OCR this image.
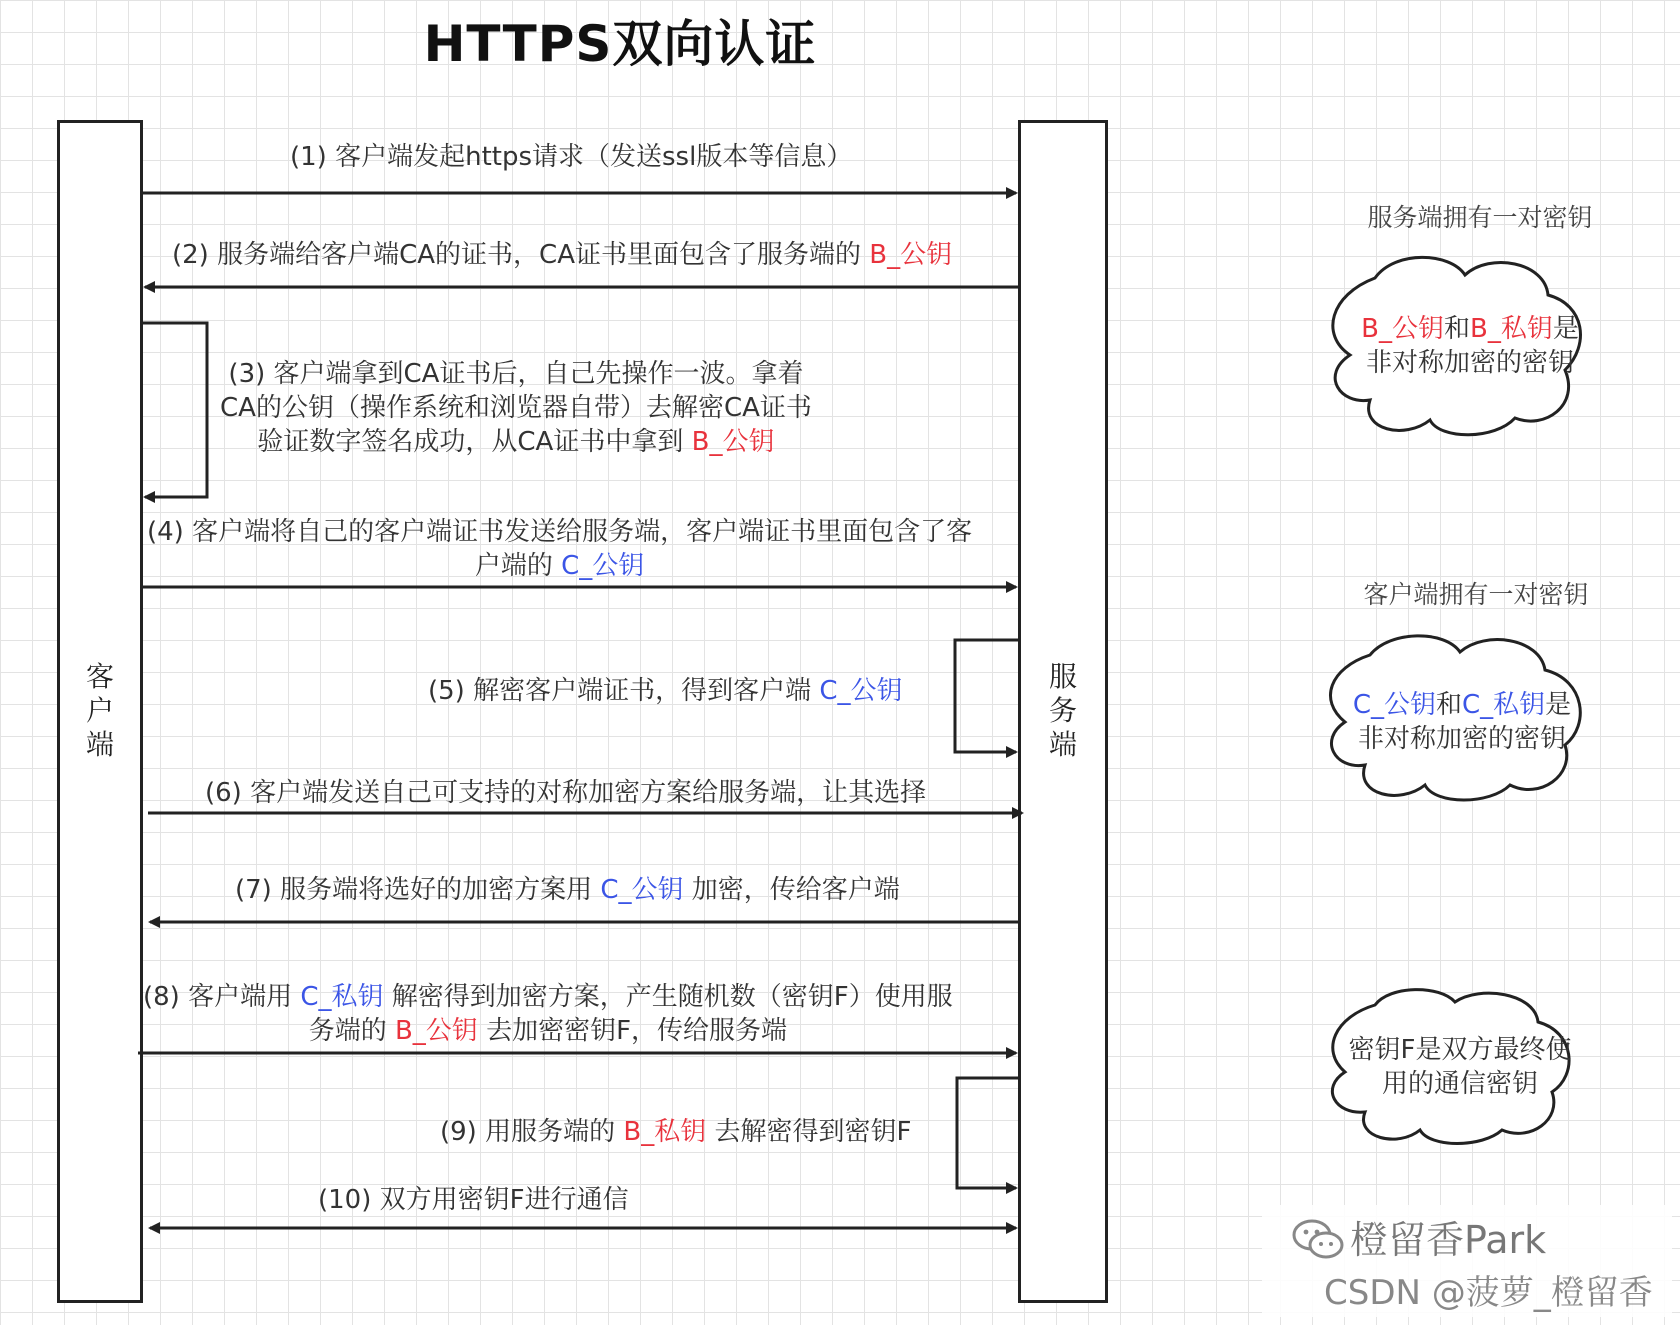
HTTPS双向认证
客
户
端
服
务
端
(1) 客户端发起https请求（发送ssl版本等信息）
(2) 服务端给客户端CA的证书，CA证书里面包含了服务端的 B_公钥
(3) 客户端拿到CA证书后，自己先操作一波。拿着
CA的公钥（操作系统和浏览器自带）去解密CA证书
验证数字签名成功，从CA证书中拿到 B_公钥
(4) 客户端将自己的客户端证书发送给服务端，客户端证书里面包含了客
户端的 C_公钥
(5) 解密客户端证书，得到客户端 C_公钥
(6) 客户端发送自己可支持的对称加密方案给服务端，让其选择
(7) 服务端将选好的加密方案用 C_公钥 加密，传给客户端
(8) 客户端用 C_私钥 解密得到加密方案，产生随机数（密钥F）使用服
务端的 B_公钥 去加密密钥F，传给服务端
(9) 用服务端的 B_私钥 去解密得到密钥F
(10) 双方用密钥F进行通信
服务端拥有一对密钥
B_公钥和B_私钥是
非对称加密的密钥
客户端拥有一对密钥
C_公钥和C_私钥是
非对称加密的密钥
密钥F是双方最终使
用的通信密钥
橙留香Park
CSDN @菠萝_橙留香
